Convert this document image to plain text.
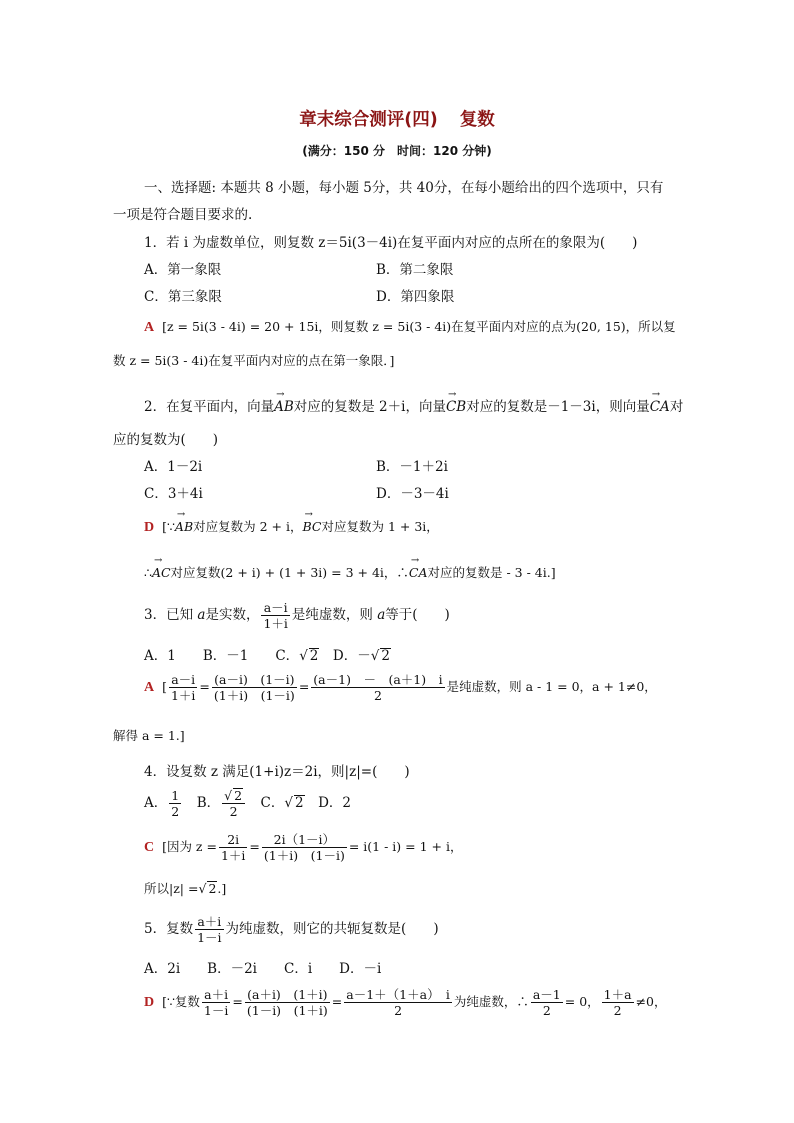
章末综合测评(四) 复数
(满分：150 分　时间：120 分钟)
一、选择题: 本题共 8 小题，每小题 5分，共 40分，在每小题给出的四个选项中，只有
一项是符合题目要求的.
1．若 i 为虚数单位，则复数 z＝5i(3－4i)在复平面内对应的点所在的象限为(　　)
A．第一象限	B．第二象限
C．第三象限	D．第四象限
A [z = 5i(3 - 4i) = 20 + 15i，则复数 z = 5i(3 - 4i)在复平面内对应的点为(20, 15)，所以复
数 z = 5i(3 - 4i)在复平面内对应的点在第一象限．]
2．在复平面内，向量→ AB对应的复数是 2＋i，向量→ CB对应的复数是－1－3i，则向量→ CA对
应的复数为(　　)
A．1－2i	B．－1＋2i
C．3＋4i	D．－3－4i
D [∵→ AB对应复数为 2 + i，→ BC对应复数为 1 + 3i，
∴→ AC对应复数(2 + i) + (1 + 3i) = 3 + 4i，∴→ CA对应的复数是 - 3 - 4i.]
3．已知 a是实数， $\frac{a-i}{1+i}$ 是纯虚数，则 a等于(　　)
A．1　　B．－1　　C． √ 2　D．－ √ 2
A  [ $\frac{a-i}{1+i} = \frac{(a-i) (1-i)}{(1+i) (1-i)} = \frac{(a-1) - (a+1) i}{2}$ 是纯虚数，则 a - 1 = 0，a + 1≠0，
解得 a = 1.]
4．设复数 z 满足(1+i)z＝2i，则|z|=(　　)
A． $\frac{1}{2}$ 　B． √ $\frac{2}{2}$ 　C． √ 2　D．2
C [因为 $z = \frac{2i}{1+i} = \frac{2i(1-i)}{(1+i) (1-i)} = i(1 - i) = 1 + i$，
所以|z| = √ 2.]
5．复数 $\frac{a+i}{1-i}$ 为纯虚数，则它的共轭复数是(　　)
A．2i　　B．－2i　　C．i　　D．－i
D [∵复数 $\frac{a+i}{1-i} = \frac{(a+i) (1+i)}{(1-i) (1+i)} = \frac{a-1+(1+a) i}{2}$ 为纯虚数，∴ $\frac{a-1}{2} = 0$， $\frac{1+a}{2} \ne 0$，
